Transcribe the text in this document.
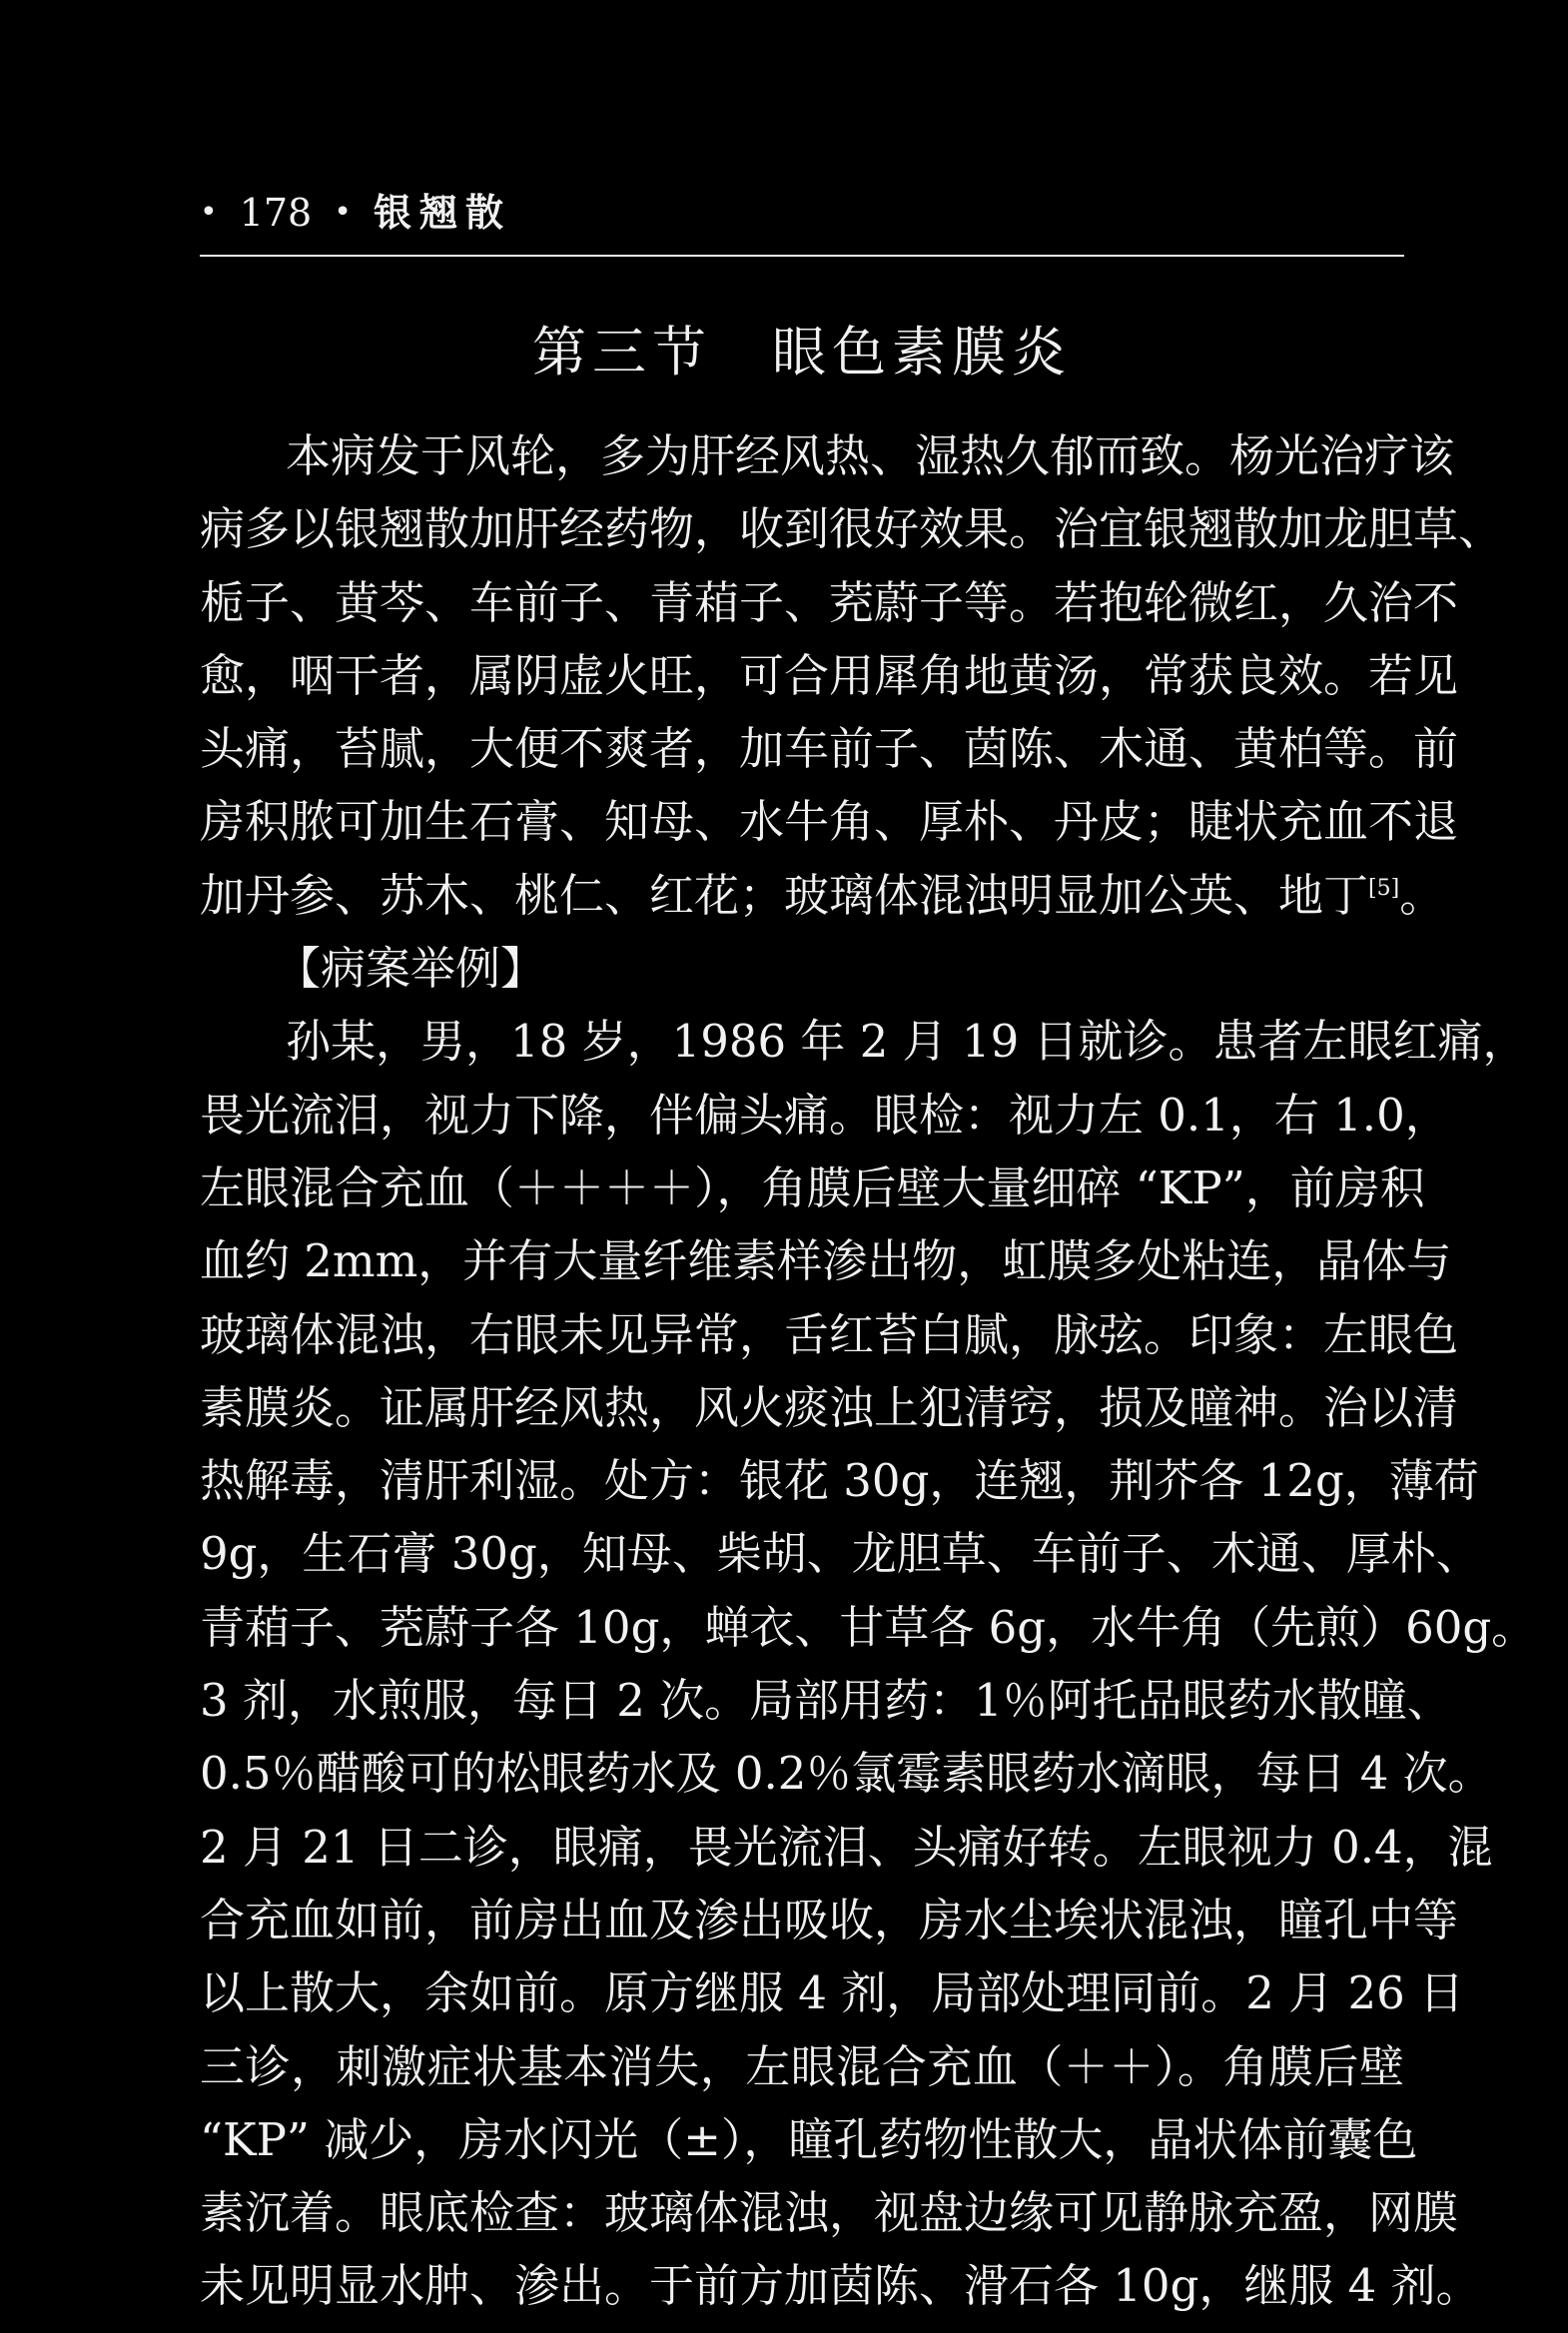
• 178 • 银翘散
第三节 眼色素膜炎
本病发于风轮，多为肝经风热、湿热久郁而致。杨光治疗该
病多以银翘散加肝经药物，收到很好效果。治宜银翘散加龙胆草、
栀子、黄芩、车前子、青葙子、茺蔚子等。若抱轮微红，久治不
愈，咽干者，属阴虚火旺，可合用犀角地黄汤，常获良效。若见
头痛，苔腻，大便不爽者，加车前子、茵陈、木通、黄柏等。前
房积脓可加生石膏、知母、水牛角、厚朴、丹皮；睫状充血不退
加丹参、苏木、桃仁、红花；玻璃体混浊明显加公英、地丁[5]。
【病案举例】
孙某，男，18 岁，1986 年 2 月 19 日就诊。患者左眼红痛，
畏光流泪，视力下降，伴偏头痛。眼检：视力左 0.1，右 1.0，
左眼混合充血（＋＋＋＋），角膜后壁大量细碎 “KP”，前房积
血约 2mm，并有大量纤维素样渗出物，虹膜多处粘连，晶体与
玻璃体混浊，右眼未见异常，舌红苔白腻，脉弦。印象：左眼色
素膜炎。证属肝经风热，风火痰浊上犯清窍，损及瞳神。治以清
热解毒，清肝利湿。处方：银花 30g，连翘，荆芥各 12g，薄荷
9g，生石膏 30g，知母、柴胡、龙胆草、车前子、木通、厚朴、
青葙子、茺蔚子各 10g，蝉衣、甘草各 6g，水牛角（先煎）60g。
3 剂，水煎服，每日 2 次。局部用药：1％阿托品眼药水散瞳、
0.5％醋酸可的松眼药水及 0.2％氯霉素眼药水滴眼，每日 4 次。
2 月 21 日二诊，眼痛，畏光流泪、头痛好转。左眼视力 0.4，混
合充血如前，前房出血及渗出吸收，房水尘埃状混浊，瞳孔中等
以上散大，余如前。原方继服 4 剂，局部处理同前。2 月 26 日
三诊，刺激症状基本消失，左眼混合充血（＋＋）。角膜后壁
“KP” 减少，房水闪光（±），瞳孔药物性散大，晶状体前囊色
素沉着。眼底检查：玻璃体混浊，视盘边缘可见静脉充盈，网膜
未见明显水肿、渗出。于前方加茵陈、滑石各 10g，继服 4 剂。
